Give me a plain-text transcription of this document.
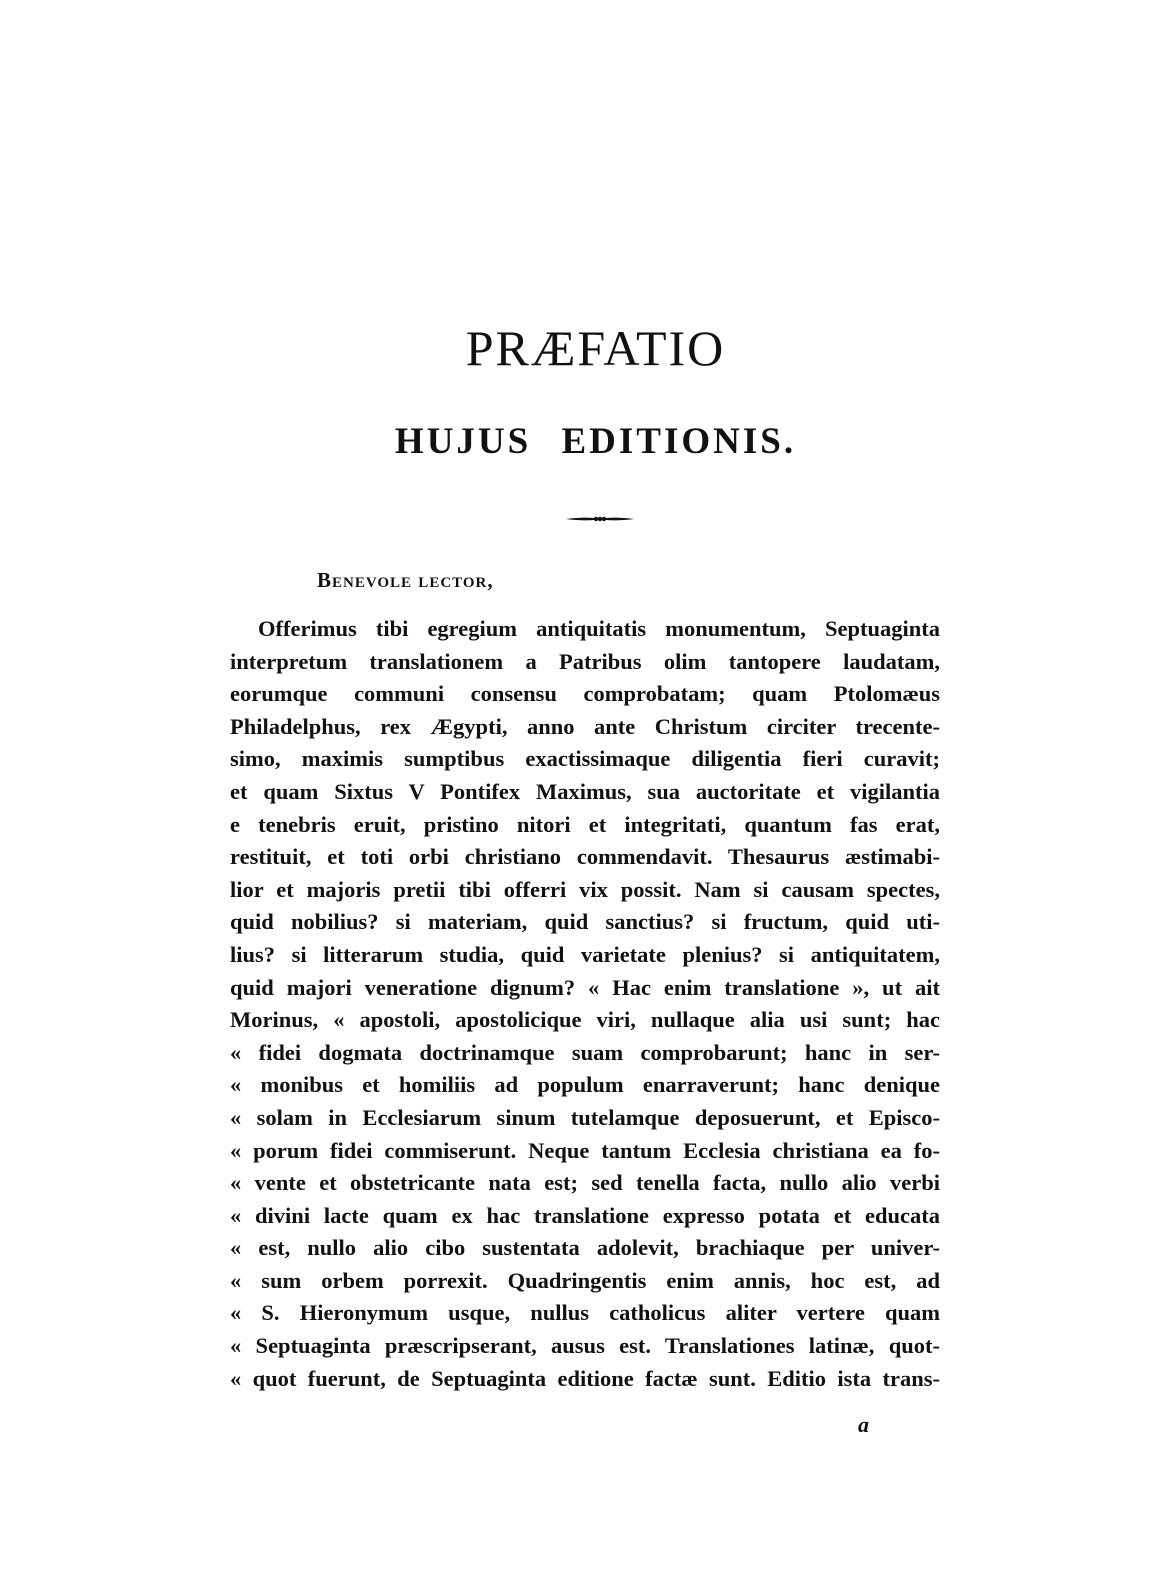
PRÆFATIO
HUJUS EDITIONIS.
Benevole lector,
Offerimus tibi egregium antiquitatis monumentum, Septuaginta
interpretum translationem a Patribus olim tantopere laudatam,
eorumque communi consensu comprobatam; quam Ptolomæus
Philadelphus, rex Ægypti, anno ante Christum circiter trecente-
simo, maximis sumptibus exactissimaque diligentia fieri curavit;
et quam Sixtus V Pontifex Maximus, sua auctoritate et vigilantia
e tenebris eruit, pristino nitori et integritati, quantum fas erat,
restituit, et toti orbi christiano commendavit. Thesaurus æstimabi-
lior et majoris pretii tibi offerri vix possit. Nam si causam spectes,
quid nobilius? si materiam, quid sanctius? si fructum, quid uti-
lius? si litterarum studia, quid varietate plenius? si antiquitatem,
quid majori veneratione dignum? « Hac enim translatione », ut ait
Morinus, « apostoli, apostolicique viri, nullaque alia usi sunt; hac
« fidei dogmata doctrinamque suam comprobarunt; hanc in ser-
« monibus et homiliis ad populum enarraverunt; hanc denique
« solam in Ecclesiarum sinum tutelamque deposuerunt, et Episco-
« porum fidei commiserunt. Neque tantum Ecclesia christiana ea fo-
« vente et obstetricante nata est; sed tenella facta, nullo alio verbi
« divini lacte quam ex hac translatione expresso potata et educata
« est, nullo alio cibo sustentata adolevit, brachiaque per univer-
« sum orbem porrexit. Quadringentis enim annis, hoc est, ad
« S. Hieronymum usque, nullus catholicus aliter vertere quam
« Septuaginta præscripserant, ausus est. Translationes latinæ, quot-
« quot fuerunt, de Septuaginta editione factæ sunt. Editio ista trans-
a
